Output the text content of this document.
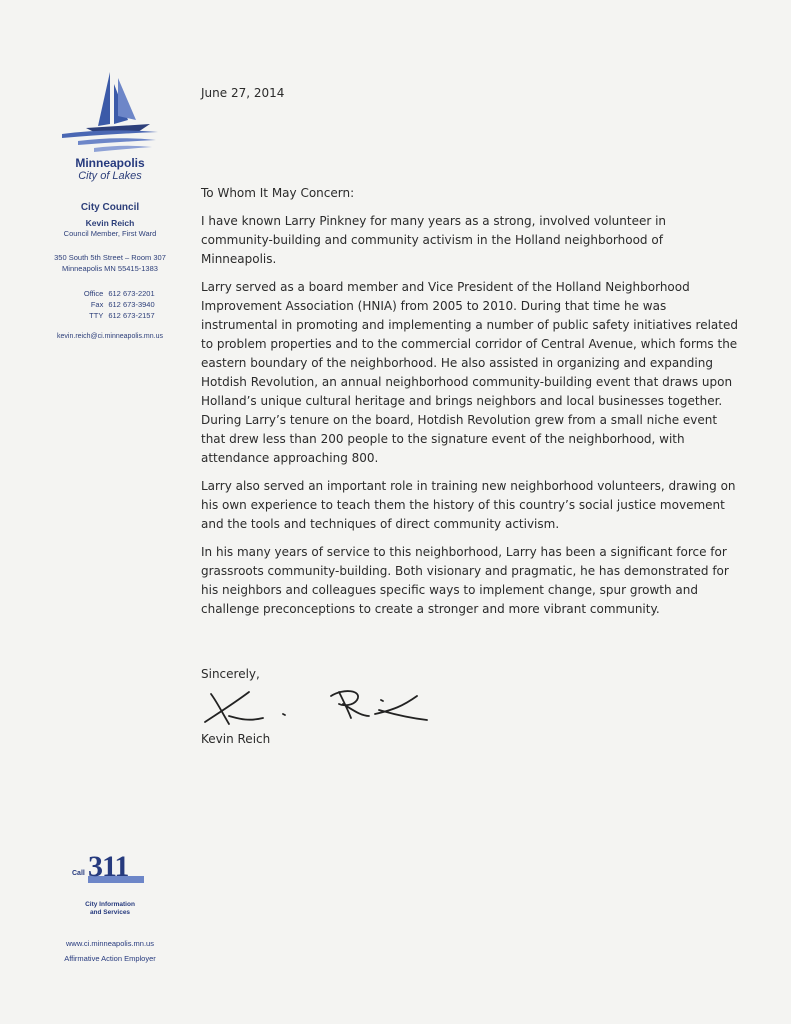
Minneapolis
City of Lakes
City Council
Kevin Reich
Council Member, First Ward
350 South 5th Street – Room 307
Minneapolis MN 55415-1383
Office 612 673-2201
Fax 612 673-3940
TTY 612 673-2157
kevin.reich@ci.minneapolis.mn.us
Call 311
City Information
and Services
www.ci.minneapolis.mn.us
Affirmative Action Employer

June 27, 2014

To Whom It May Concern:

I have known Larry Pinkney for many years as a strong, involved volunteer in community-building and community activism in the Holland neighborhood of Minneapolis.

Larry served as a board member and Vice President of the Holland Neighborhood Improvement Association (HNIA) from 2005 to 2010. During that time he was instrumental in promoting and implementing a number of public safety initiatives related to problem properties and to the commercial corridor of Central Avenue, which forms the eastern boundary of the neighborhood. He also assisted in organizing and expanding Hotdish Revolution, an annual neighborhood community-building event that draws upon Holland’s unique cultural heritage and brings neighbors and local businesses together. During Larry’s tenure on the board, Hotdish Revolution grew from a small niche event that drew less than 200 people to the signature event of the neighborhood, with attendance approaching 800.

Larry also served an important role in training new neighborhood volunteers, drawing on his own experience to teach them the history of this country’s social justice movement and the tools and techniques of direct community activism.

In his many years of service to this neighborhood, Larry has been a significant force for grassroots community-building. Both visionary and pragmatic, he has demonstrated for his neighbors and colleagues specific ways to implement change, spur growth and challenge preconceptions to create a stronger and more vibrant community.

Sincerely,

Kevin Reich
